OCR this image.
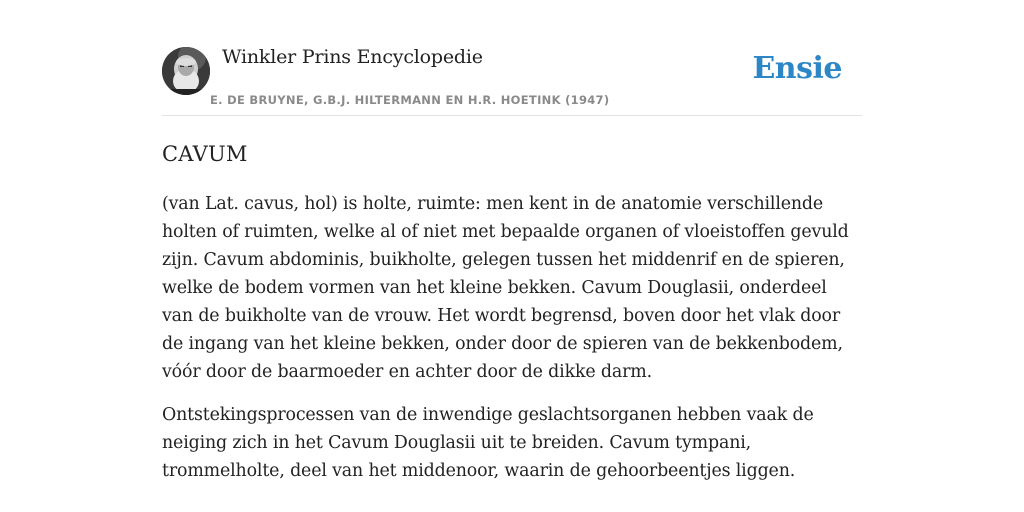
Winkler Prins Encyclopedie
E. DE BRUYNE, G.B.J. HILTERMANN EN H.R. HOETINK (1947)
Ensie
CAVUM

(van Lat. cavus, hol) is holte, ruimte: men kent in de anatomie verschillende holten of ruimten, welke al of niet met bepaalde organen of vloeistoffen gevuld zijn. Cavum abdominis, buikholte, gelegen tussen het middenrif en de spieren, welke de bodem vormen van het kleine bekken. Cavum Douglasii, onderdeel van de buikholte van de vrouw. Het wordt begrensd, boven door het vlak door de ingang van het kleine bekken, onder door de spieren van de bekkenbodem, vóór door de baarmoeder en achter door de dikke darm.

Ontstekingsprocessen van de inwendige geslachtsorganen hebben vaak de neiging zich in het Cavum Douglasii uit te breiden. Cavum tympani, trommelholte, deel van het middenoor, waarin de gehoorbeentjes liggen.
